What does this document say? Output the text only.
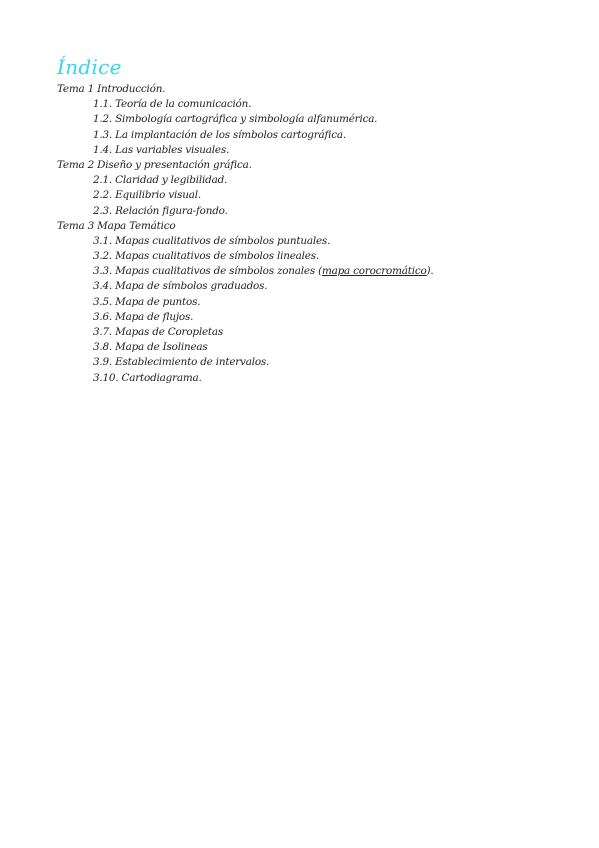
Índice
Tema 1 Introducción.
1.1. Teoría de la comunicación.
1.2. Simbología cartográfica y simbología alfanumérica.
1.3. La implantación de los símbolos cartográfica.
1.4. Las variables visuales.
Tema 2 Diseño y presentación gráfica.
2.1. Claridad y legibilidad.
2.2. Equilibrio visual.
2.3. Relación figura-fondo.
Tema 3 Mapa Temático
3.1. Mapas cualitativos de símbolos puntuales.
3.2. Mapas cualitativos de símbolos lineales.
3.3. Mapas cualitativos de símbolos zonales (mapa corocromático).
3.4. Mapa de símbolos graduados.
3.5. Mapa de puntos.
3.6. Mapa de flujos.
3.7. Mapas de Coropletas
3.8. Mapa de Isolineas
3.9. Establecimiento de intervalos.
3.10. Cartodiagrama.
